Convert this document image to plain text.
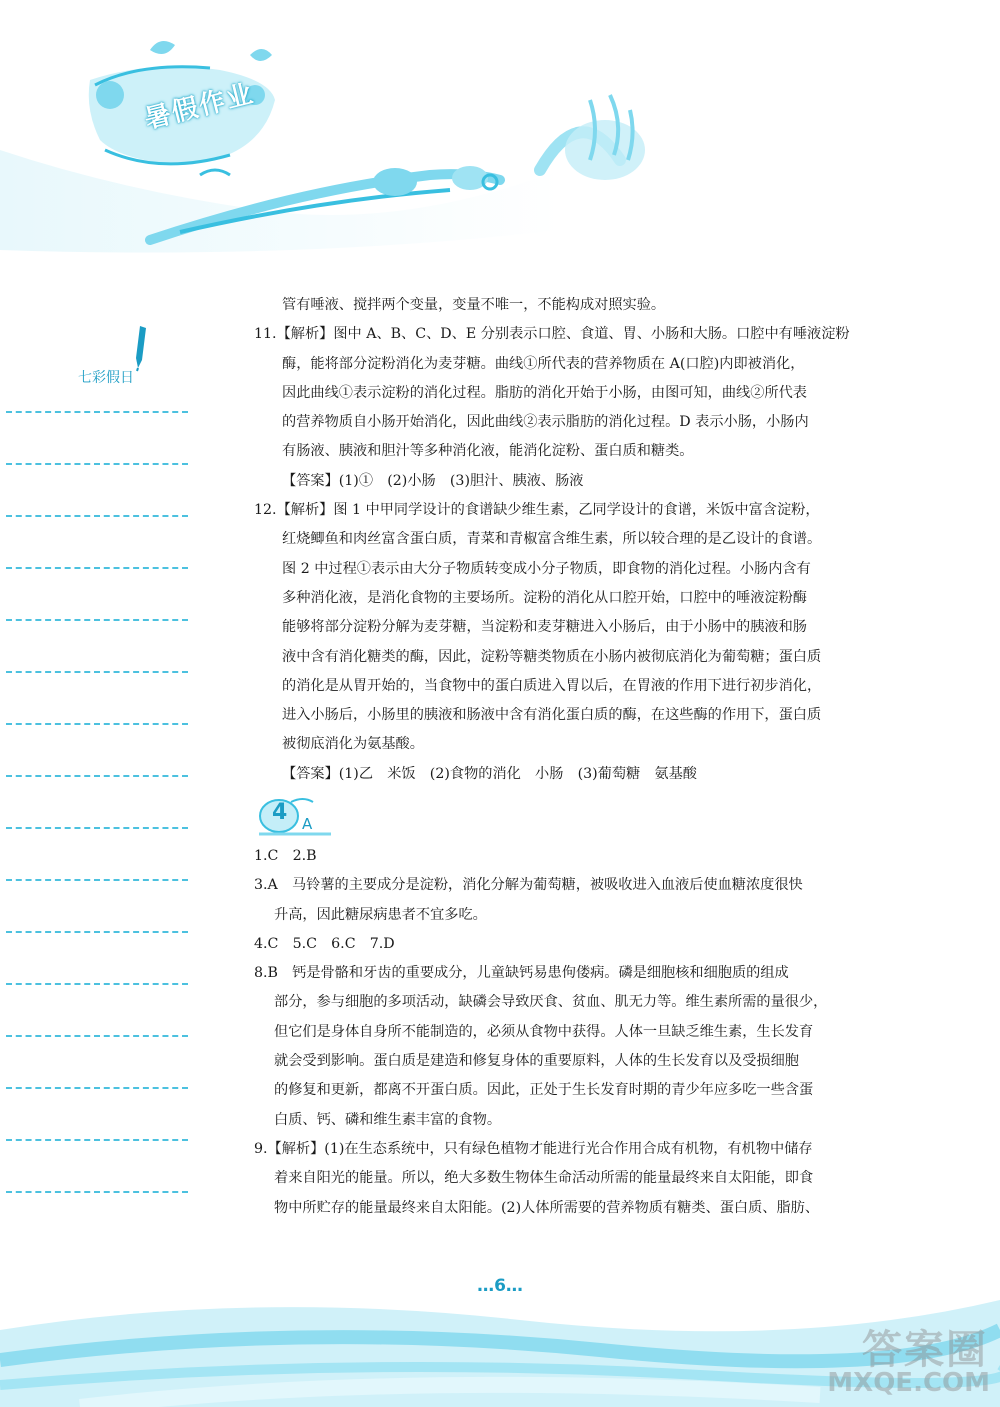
暑假作业
七彩假日
管有唾液、搅拌两个变量，变量不唯一，不能构成对照实验。
11.【解析】图中 A、B、C、D、E 分别表示口腔、食道、胃、小肠和大肠。口腔中有唾液淀粉
酶，能将部分淀粉消化为麦芽糖。曲线①所代表的营养物质在 A(口腔)内即被消化，
因此曲线①表示淀粉的消化过程。脂肪的消化开始于小肠，由图可知，曲线②所代表
的营养物质自小肠开始消化，因此曲线②表示脂肪的消化过程。D 表示小肠，小肠内
有肠液、胰液和胆汁等多种消化液，能消化淀粉、蛋白质和糖类。
【答案】(1)①　(2)小肠　(3)胆汁、胰液、肠液
12.【解析】图 1 中甲同学设计的食谱缺少维生素，乙同学设计的食谱，米饭中富含淀粉，
红烧鲫鱼和肉丝富含蛋白质，青菜和青椒富含维生素，所以较合理的是乙设计的食谱。
图 2 中过程①表示由大分子物质转变成小分子物质，即食物的消化过程。小肠内含有
多种消化液，是消化食物的主要场所。淀粉的消化从口腔开始，口腔中的唾液淀粉酶
能够将部分淀粉分解为麦芽糖，当淀粉和麦芽糖进入小肠后，由于小肠中的胰液和肠
液中含有消化糖类的酶，因此，淀粉等糖类物质在小肠内被彻底消化为葡萄糖；蛋白质
的消化是从胃开始的，当食物中的蛋白质进入胃以后，在胃液的作用下进行初步消化，
进入小肠后，小肠里的胰液和肠液中含有消化蛋白质的酶，在这些酶的作用下，蛋白质
被彻底消化为氨基酸。
【答案】(1)乙　米饭　(2)食物的消化　小肠　(3)葡萄糖　氨基酸
4 A
1.C　2.B
3.A　马铃薯的主要成分是淀粉，消化分解为葡萄糖，被吸收进入血液后使血糖浓度很快
升高，因此糖尿病患者不宜多吃。
4.C　5.C　6.C　7.D
8.B　钙是骨骼和牙齿的重要成分，儿童缺钙易患佝偻病。磷是细胞核和细胞质的组成
部分，参与细胞的多项活动，缺磷会导致厌食、贫血、肌无力等。维生素所需的量很少，
但它们是身体自身所不能制造的，必须从食物中获得。人体一旦缺乏维生素，生长发育
就会受到影响。蛋白质是建造和修复身体的重要原料，人体的生长发育以及受损细胞
的修复和更新，都离不开蛋白质。因此，正处于生长发育时期的青少年应多吃一些含蛋
白质、钙、磷和维生素丰富的食物。
9.【解析】(1)在生态系统中，只有绿色植物才能进行光合作用合成有机物，有机物中储存
着来自阳光的能量。所以，绝大多数生物体生命活动所需的能量最终来自太阳能，即食
物中所贮存的能量最终来自太阳能。(2)人体所需要的营养物质有糖类、蛋白质、脂肪、
…6…
答案圈
MXQE.COM
